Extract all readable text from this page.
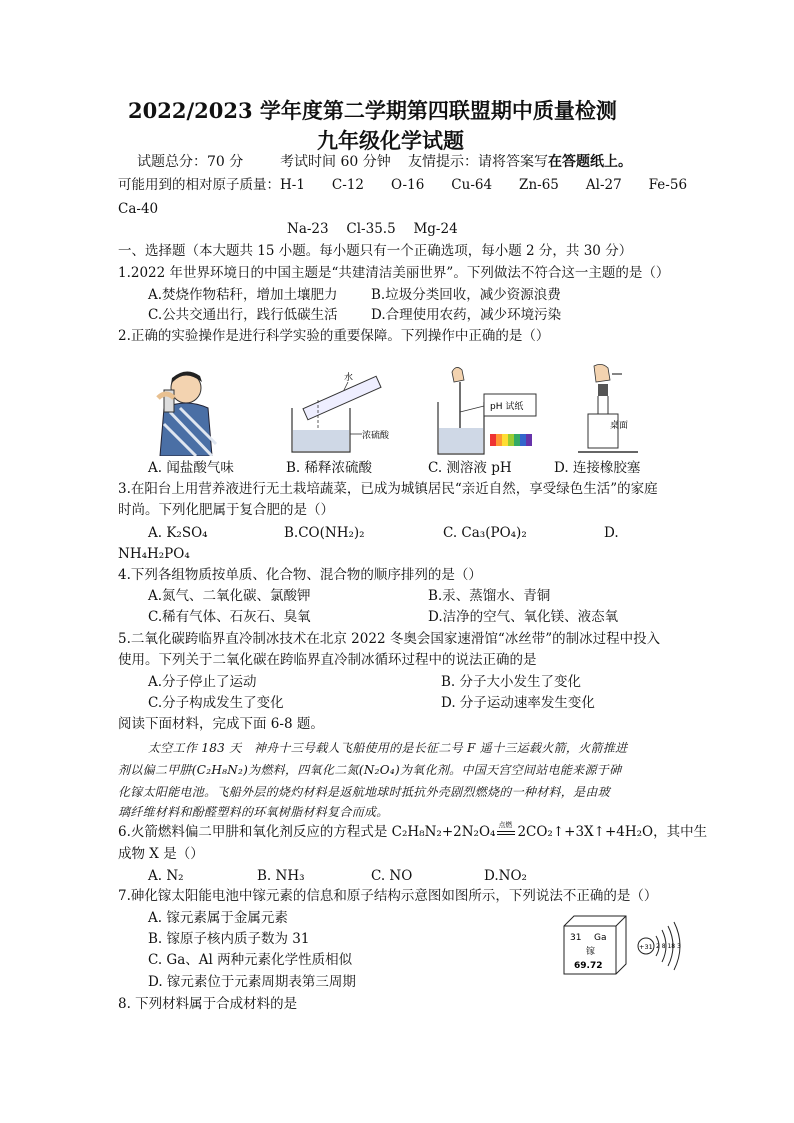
2022/2023 学年度第二学期第四联盟期中质量检测
九年级化学试题
试题总分：70 分	考试时间 60 分钟 友情提示：请将答案写在答题纸上。
可能用到的相对原子质量：H-1　　C-12　　O-16　　Cu-64　　Zn-65　　Al-27　　Fe-56
Ca-40
Na-23　 Cl-35.5　 Mg-24
一、选择题（本大题共 15 小题。每小题只有一个正确选项，每小题 2 分，共 30 分）
1.2022 年世界环境日的中国主题是“共建清洁美丽世界”。下列做法不符合这一主题的是（）
A.焚烧作物秸秆，增加土壤肥力 B.垃圾分类回收，减少资源浪费
C.公共交通出行，践行低碳生活 D.合理使用农药，减少环境污染
2.正确的实验操作是进行科学实验的重要保障。下列操作中正确的是（）
水
浓硫酸
pH 试纸
桌面
A. 闻盐酸气味	B. 稀释浓硫酸	C. 测溶液 pH	D. 连接橡胶塞
3.在阳台上用营养液进行无土栽培蔬菜，已成为城镇居民“亲近自然，享受绿色生活”的家庭
时尚。下列化肥属于复合肥的是（）
A. K₂SO₄	B.CO(NH₂)₂	C. Ca₃(PO₄)₂	D.
NH₄H₂PO₄
4.下列各组物质按单质、化合物、混合物的顺序排列的是（）
A.氮气、二氧化碳、氯酸钾	B.汞、蒸馏水、青铜
C.稀有气体、石灰石、臭氧	D.洁净的空气、氧化镁、液态氧
5.二氧化碳跨临界直冷制冰技术在北京 2022 冬奥会国家速滑馆“冰丝带”的制冰过程中投入
使用。下列关于二氧化碳在跨临界直冷制冰循环过程中的说法正确的是
A.分子停止了运动	B. 分子大小发生了变化
C.分子构成发生了变化	D. 分子运动速率发生变化
阅读下面材料，完成下面 6-8 题。
太空工作 183 天　神舟十三号载人飞船使用的是长征二号 F 遥十三运载火箭，火箭推进
剂以偏二甲肼(C₂H₈N₂)为燃料，四氧化二氮(N₂O₄)为氧化剂。中国天宫空间站电能来源于砷
化镓太阳能电池。飞船外层的烧灼材料是返航地球时抵抗外壳剧烈燃烧的一种材料，是由玻
璃纤维材料和酚醛塑料的环氧树脂材料复合而成。
6.火箭燃料偏二甲肼和氧化剂反应的方程式是 C₂H₈N₂+2N₂O₄ 点燃 2CO₂↑+3X↑+4H₂O，其中生
成物 X 是（）
A. N₂	B. NH₃	C. NO	D.NO₂
7.砷化镓太阳能电池中镓元素的信息和原子结构示意图如图所示，下列说法不正确的是（）
A. 镓元素属于金属元素
B. 镓原子核内质子数为 31
C. Ga、Al 两种元素化学性质相似
D. 镓元素位于元素周期表第三周期
31 Ga
镓
69.72
+31 2 8 18 3
8. 下列材料属于合成材料的是
